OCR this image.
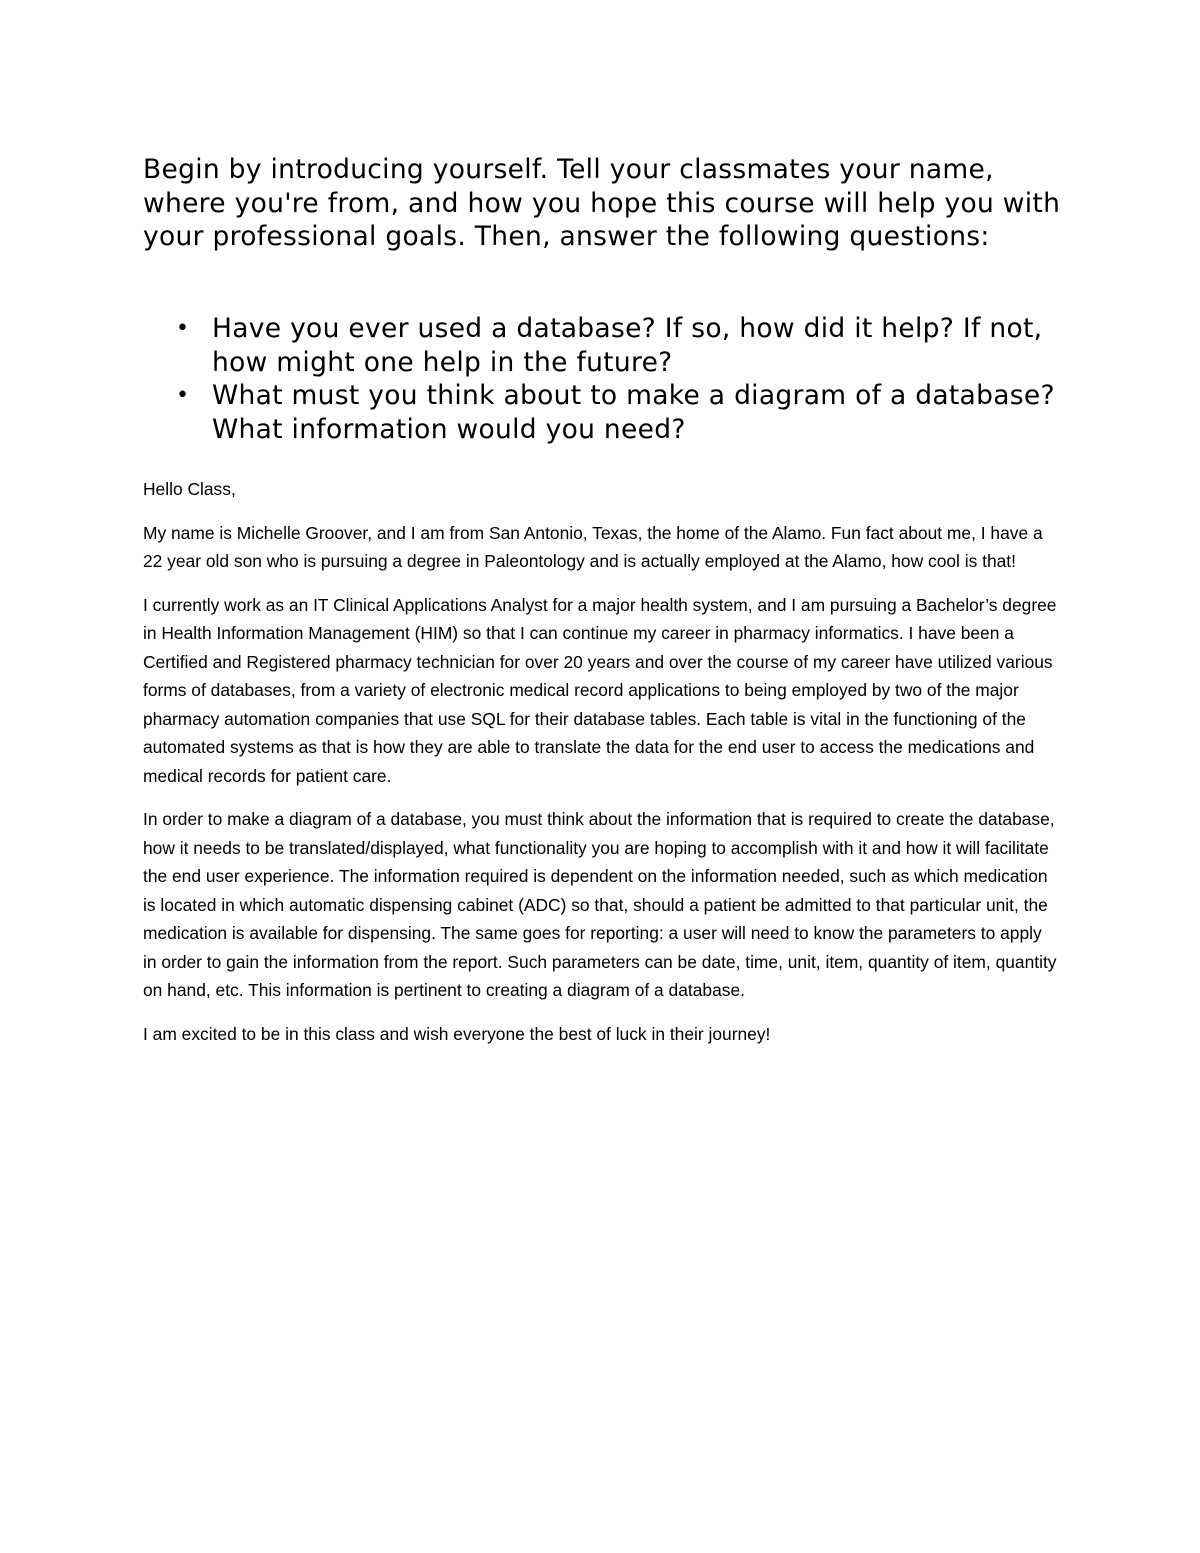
Begin by introducing yourself. Tell your classmates your name, where you're from, and how you hope this course will help you with your professional goals. Then, answer the following questions:

• Have you ever used a database? If so, how did it help? If not, how might one help in the future?
• What must you think about to make a diagram of a database? What information would you need?

Hello Class,

My name is Michelle Groover, and I am from San Antonio, Texas, the home of the Alamo. Fun fact about me, I have a 22 year old son who is pursuing a degree in Paleontology and is actually employed at the Alamo, how cool is that!

I currently work as an IT Clinical Applications Analyst for a major health system, and I am pursuing a Bachelor’s degree in Health Information Management (HIM) so that I can continue my career in pharmacy informatics. I have been a Certified and Registered pharmacy technician for over 20 years and over the course of my career have utilized various forms of databases, from a variety of electronic medical record applications to being employed by two of the major pharmacy automation companies that use SQL for their database tables. Each table is vital in the functioning of the automated systems as that is how they are able to translate the data for the end user to access the medications and medical records for patient care.

In order to make a diagram of a database, you must think about the information that is required to create the database, how it needs to be translated/displayed, what functionality you are hoping to accomplish with it and how it will facilitate the end user experience. The information required is dependent on the information needed, such as which medication is located in which automatic dispensing cabinet (ADC) so that, should a patient be admitted to that particular unit, the medication is available for dispensing. The same goes for reporting: a user will need to know the parameters to apply in order to gain the information from the report. Such parameters can be date, time, unit, item, quantity of item, quantity on hand, etc. This information is pertinent to creating a diagram of a database.

I am excited to be in this class and wish everyone the best of luck in their journey!
